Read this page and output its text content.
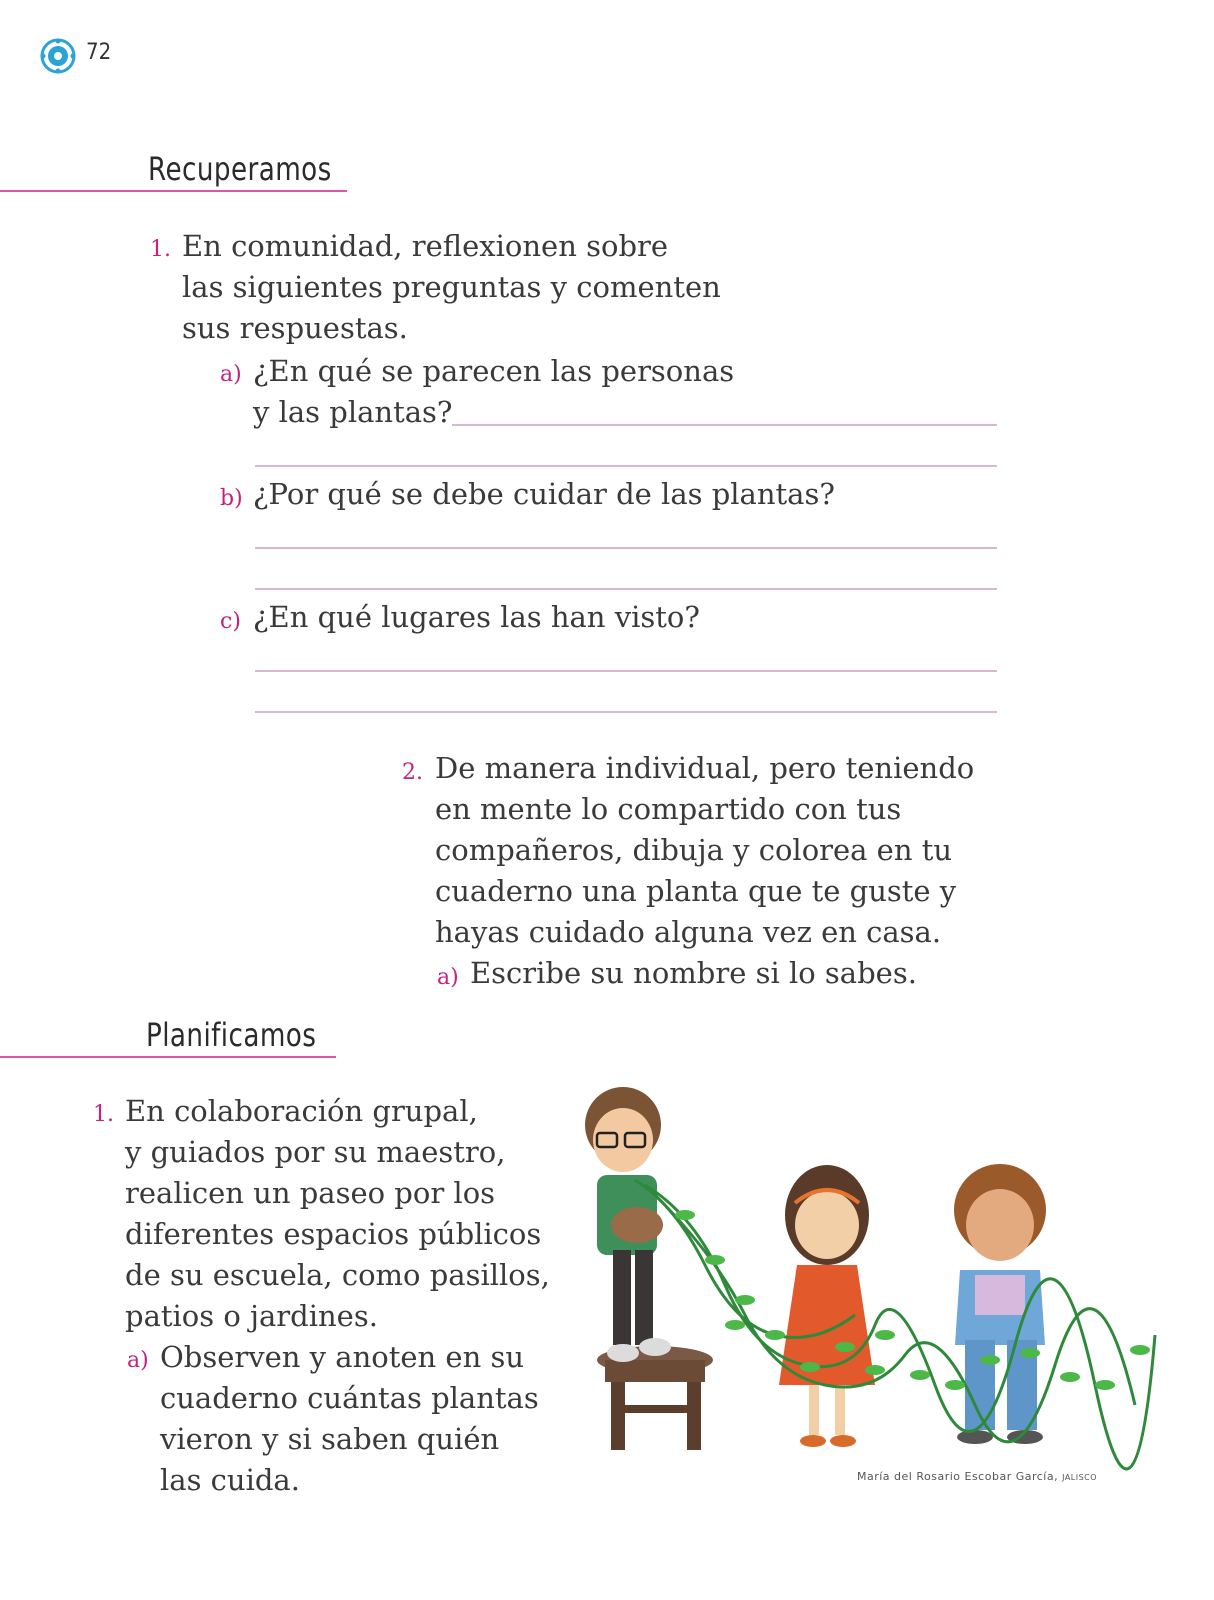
72
Recuperamos
1. En comunidad, reflexionen sobre
las siguientes preguntas y comenten
sus respuestas.
a) ¿En qué se parecen las personas
y las plantas?
b) ¿Por qué se debe cuidar de las plantas?
c) ¿En qué lugares las han visto?
2. De manera individual, pero teniendo
en mente lo compartido con tus
compañeros, dibuja y colorea en tu
cuaderno una planta que te guste y
hayas cuidado alguna vez en casa.
a) Escribe su nombre si lo sabes.
Planificamos
1. En colaboración grupal,
y guiados por su maestro,
realicen un paseo por los
diferentes espacios públicos
de su escuela, como pasillos,
patios o jardines.
a) Observen y anoten en su
cuaderno cuántas plantas
vieron y si saben quién
las cuida.	María del Rosario Escobar García, JALISCO
